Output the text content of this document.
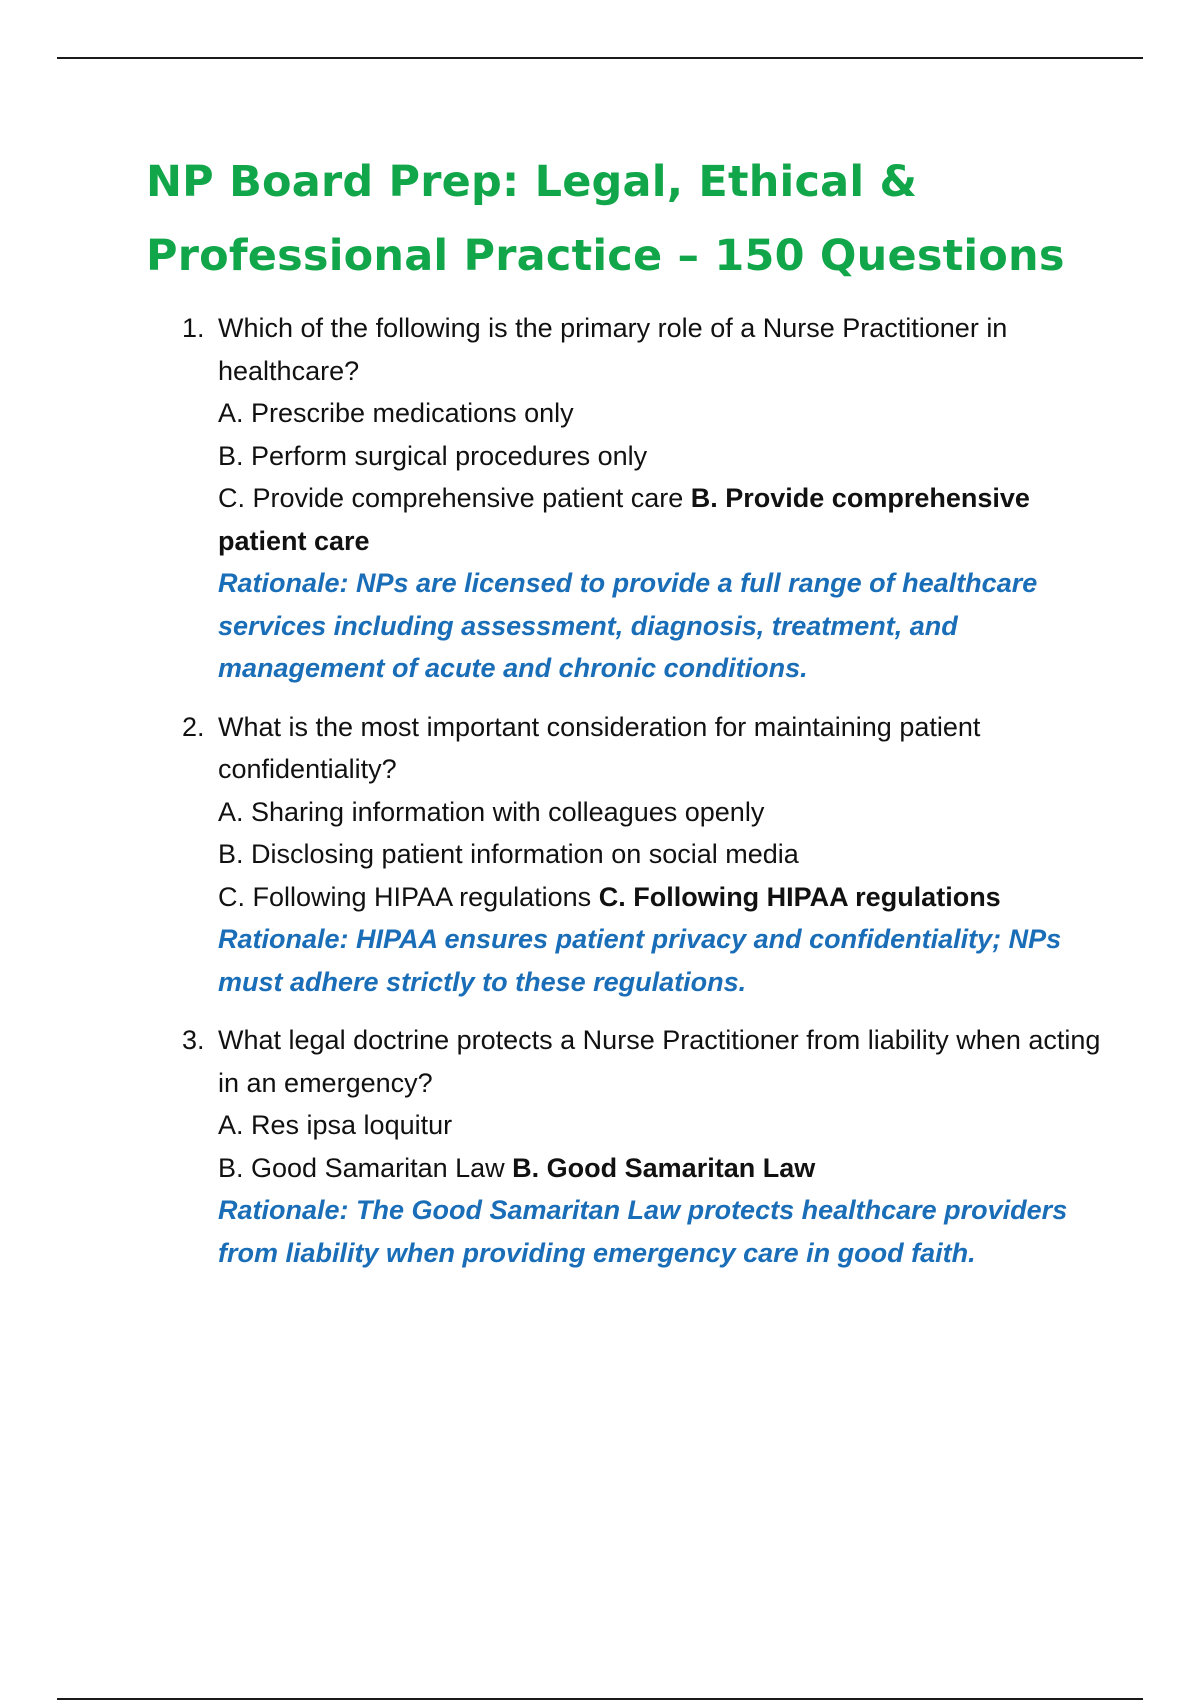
NP Board Prep: Legal, Ethical & Professional Practice – 150 Questions
1. Which of the following is the primary role of a Nurse Practitioner in healthcare?
A. Prescribe medications only
B. Perform surgical procedures only
C. Provide comprehensive patient care B. Provide comprehensive patient care
Rationale: NPs are licensed to provide a full range of healthcare services including assessment, diagnosis, treatment, and management of acute and chronic conditions.
2. What is the most important consideration for maintaining patient confidentiality?
A. Sharing information with colleagues openly
B. Disclosing patient information on social media
C. Following HIPAA regulations C. Following HIPAA regulations
Rationale: HIPAA ensures patient privacy and confidentiality; NPs must adhere strictly to these regulations.
3. What legal doctrine protects a Nurse Practitioner from liability when acting in an emergency?
A. Res ipsa loquitur
B. Good Samaritan Law B. Good Samaritan Law
Rationale: The Good Samaritan Law protects healthcare providers from liability when providing emergency care in good faith.
